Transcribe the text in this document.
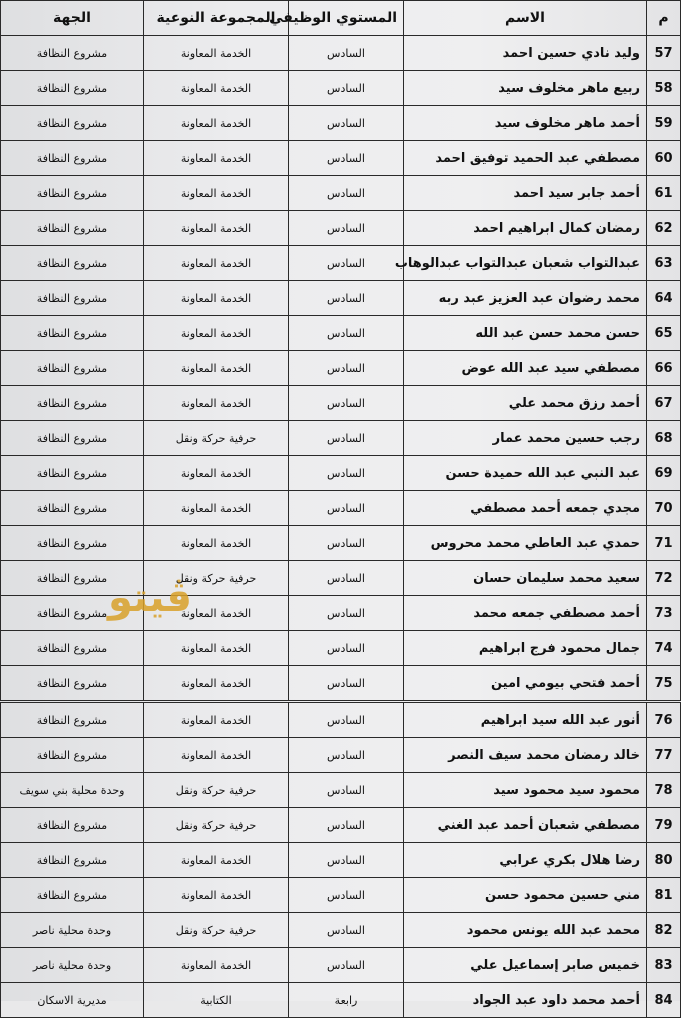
م	الاسم	المستوي الوظيفي	المجموعة النوعية	الجهة
57	وليد نادي حسين احمد	السادس	الخدمة المعاونة	مشروع النظافة
58	ربيع ماهر مخلوف سيد	السادس	الخدمة المعاونة	مشروع النظافة
59	أحمد ماهر مخلوف سيد	السادس	الخدمة المعاونة	مشروع النظافة
60	مصطفي عبد الحميد توفيق احمد	السادس	الخدمة المعاونة	مشروع النظافة
61	أحمد جابر سيد احمد	السادس	الخدمة المعاونة	مشروع النظافة
62	رمضان كمال ابراهيم احمد	السادس	الخدمة المعاونة	مشروع النظافة
63	عبدالتواب شعبان عبدالتواب عبدالوهاب	السادس	الخدمة المعاونة	مشروع النظافة
64	محمد رضوان عبد العزيز عبد ربه	السادس	الخدمة المعاونة	مشروع النظافة
65	حسن محمد حسن عبد الله	السادس	الخدمة المعاونة	مشروع النظافة
66	مصطفي سيد عبد الله عوض	السادس	الخدمة المعاونة	مشروع النظافة
67	أحمد رزق محمد علي	السادس	الخدمة المعاونة	مشروع النظافة
68	رجب حسين محمد عمار	السادس	حرفية حركة ونقل	مشروع النظافة
69	عبد النبي عبد الله حميدة حسن	السادس	الخدمة المعاونة	مشروع النظافة
70	مجدي جمعه أحمد مصطفي	السادس	الخدمة المعاونة	مشروع النظافة
71	حمدي عبد العاطي محمد محروس	السادس	الخدمة المعاونة	مشروع النظافة
72	سعيد محمد سليمان حسان	السادس	حرفية حركة ونقل	مشروع النظافة
73	أحمد مصطفي جمعه محمد	السادس	الخدمة المعاونة	مشروع النظافة
74	جمال محمود فرج ابراهيم	السادس	الخدمة المعاونة	مشروع النظافة
75	أحمد فتحي بيومي امين	السادس	الخدمة المعاونة	مشروع النظافة
76	أنور عبد الله سيد ابراهيم	السادس	الخدمة المعاونة	مشروع النظافة
77	خالد رمضان محمد سيف النصر	السادس	الخدمة المعاونة	مشروع النظافة
78	محمود سيد محمود سيد	السادس	حرفية حركة ونقل	وحدة محلية بني سويف
79	مصطفي شعبان أحمد عبد الغني	السادس	حرفية حركة ونقل	مشروع النظافة
80	رضا هلال بكري عرابي	السادس	الخدمة المعاونة	مشروع النظافة
81	مني حسين محمود حسن	السادس	الخدمة المعاونة	مشروع النظافة
82	محمد عبد الله يونس محمود	السادس	حرفية حركة ونقل	وحدة محلية ناصر
83	خميس صابر إسماعيل علي	السادس	الخدمة المعاونة	وحدة محلية ناصر
84	أحمد محمد داود عبد الجواد	رابعة	الكتابية	مديرية الاسكان
ڤيتو
